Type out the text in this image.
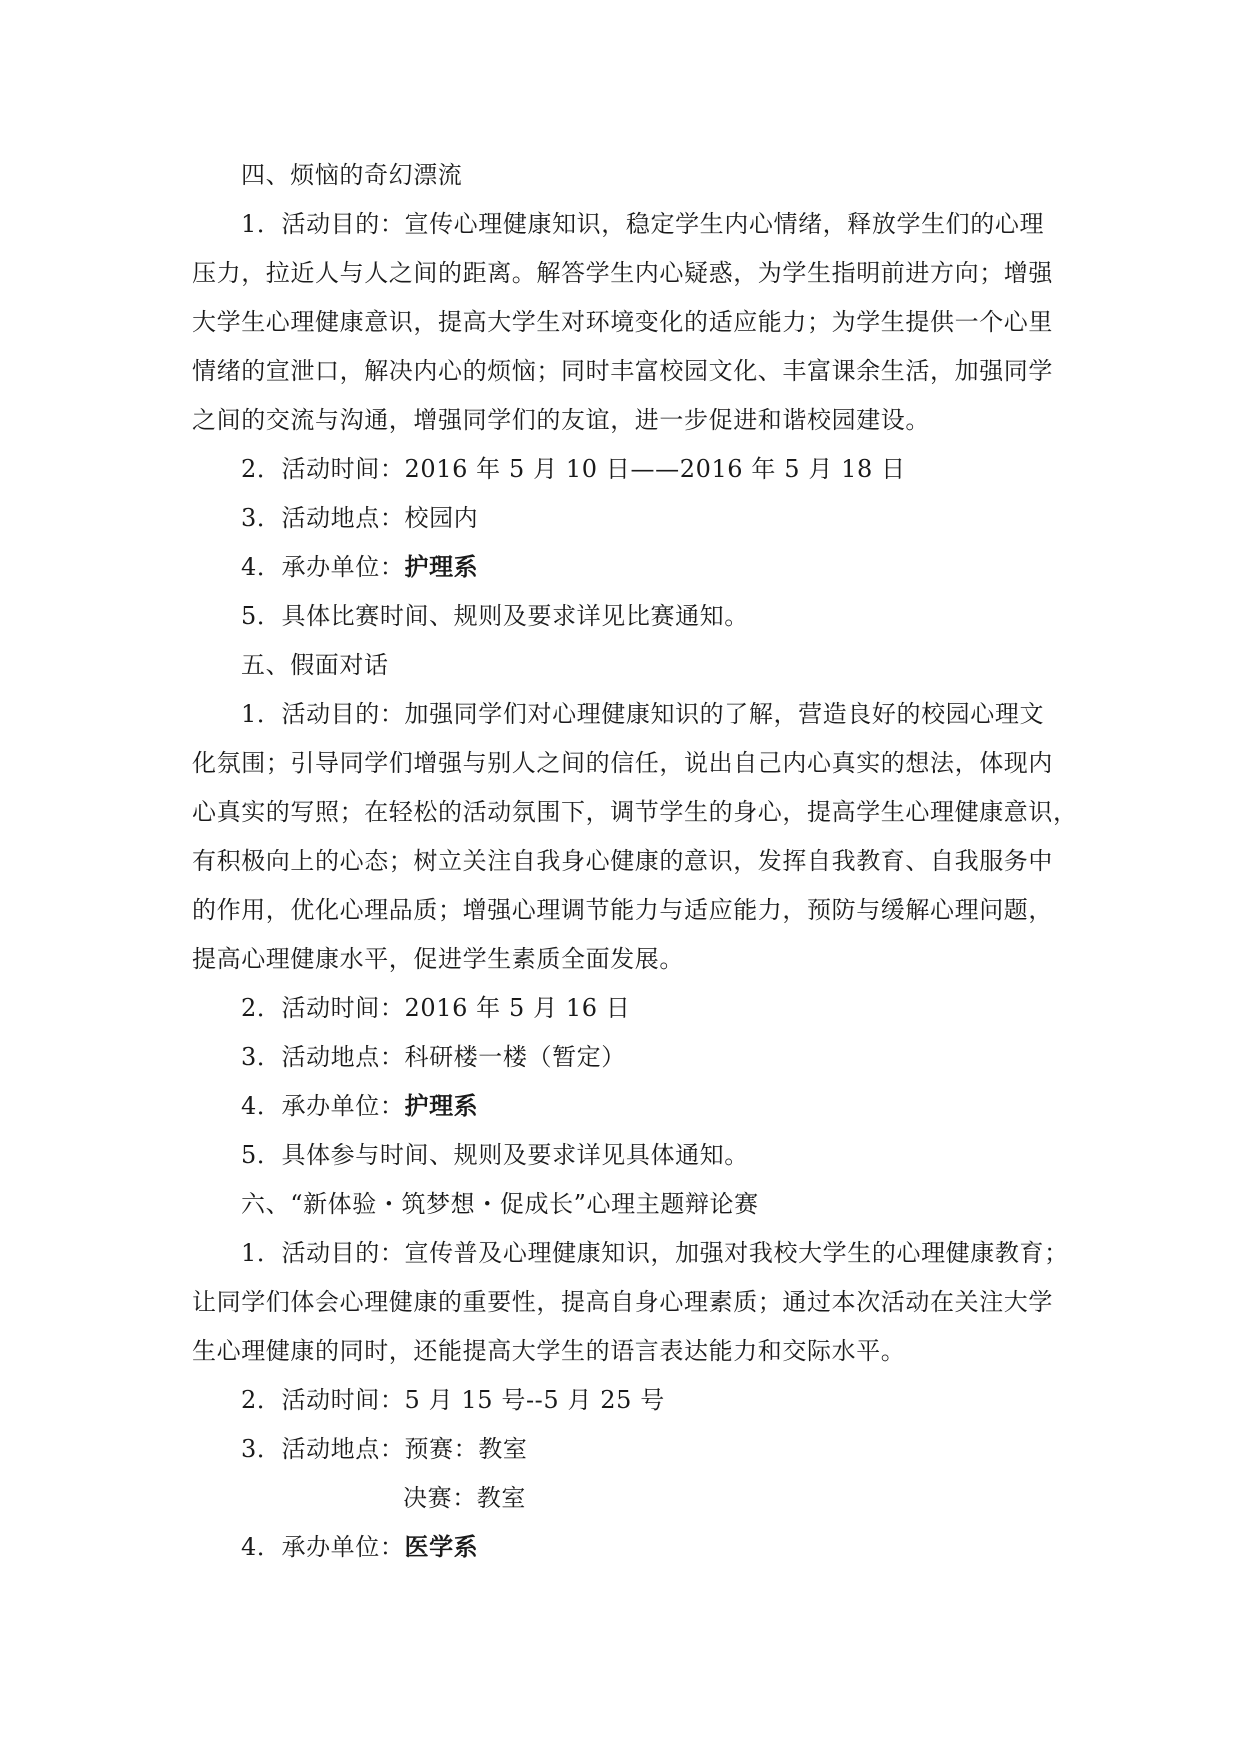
四、烦恼的奇幻漂流
1．活动目的：宣传心理健康知识，稳定学生内心情绪，释放学生们的心理
压力，拉近人与人之间的距离。解答学生内心疑惑，为学生指明前进方向；增强
大学生心理健康意识，提高大学生对环境变化的适应能力；为学生提供一个心里
情绪的宣泄口，解决内心的烦恼；同时丰富校园文化、丰富课余生活，加强同学
之间的交流与沟通，增强同学们的友谊，进一步促进和谐校园建设。
2．活动时间：2016 年 5 月 10 日——2016 年 5 月 18 日
3．活动地点：校园内
4．承办单位：护理系
5．具体比赛时间、规则及要求详见比赛通知。
五、假面对话
1．活动目的：加强同学们对心理健康知识的了解，营造良好的校园心理文
化氛围；引导同学们增强与别人之间的信任，说出自己内心真实的想法，体现内
心真实的写照；在轻松的活动氛围下，调节学生的身心，提高学生心理健康意识，
有积极向上的心态；树立关注自我身心健康的意识，发挥自我教育、自我服务中
的作用，优化心理品质；增强心理调节能力与适应能力，预防与缓解心理问题，
提高心理健康水平，促进学生素质全面发展。
2．活动时间：2016 年 5 月 16 日
3．活动地点：科研楼一楼（暂定）
4．承办单位：护理系
5．具体参与时间、规则及要求详见具体通知。
六、“新体验・筑梦想・促成长”心理主题辩论赛
1．活动目的：宣传普及心理健康知识，加强对我校大学生的心理健康教育；
让同学们体会心理健康的重要性，提高自身心理素质；通过本次活动在关注大学
生心理健康的同时，还能提高大学生的语言表达能力和交际水平。
2．活动时间：5 月 15 号--5 月 25 号
3．活动地点：预赛：教室
决赛：教室
4．承办单位：医学系
